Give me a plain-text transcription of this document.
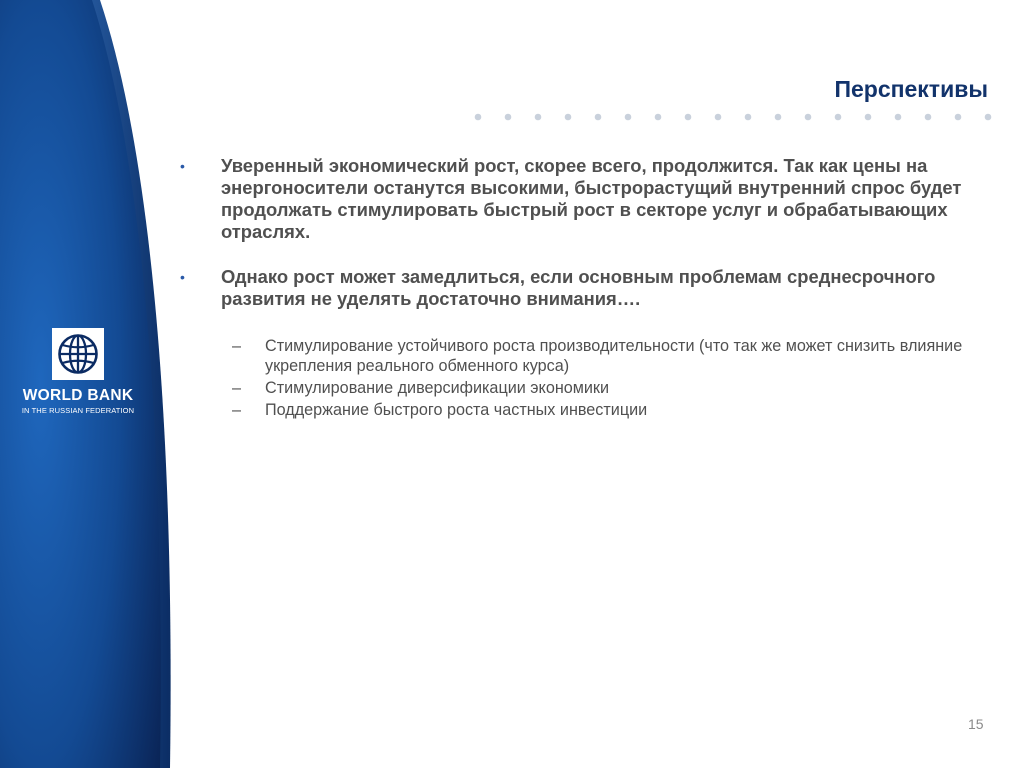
WORLD BANK
IN THE RUSSIAN FEDERATION
Перспективы
• Уверенный экономический рост, скорее всего, продолжится. Так как цены на энергоносители останутся высокими, быстрорастущий внутренний спрос будет продолжать стимулировать быстрый рост в секторе услуг и обрабатывающих отраслях.
• Однако рост может замедлиться, если основным проблемам среднесрочного развития не уделять достаточно внимания….
– Стимулирование устойчивого роста производительности (что так же может снизить влияние укрепления реального обменного курса)
– Стимулирование диверсификации экономики
– Поддержание быстрого роста частных инвестиции
15
